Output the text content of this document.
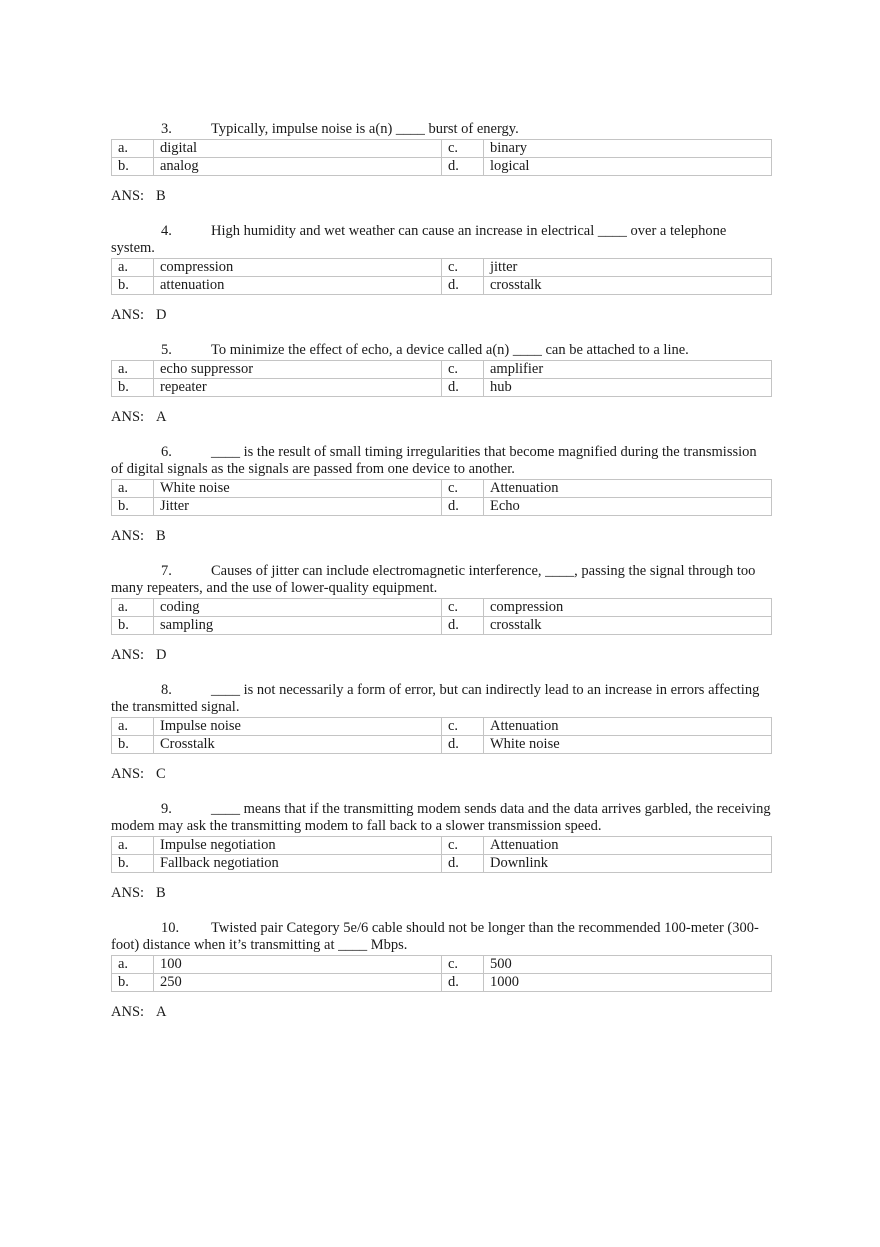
3.	Typically, impulse noise is a(n) ____ burst of energy.
a.	digital	c.	binary
b.	analog	d.	logical
ANS: B
4.	High humidity and wet weather can cause an increase in electrical ____ over a telephone system.
a.	compression	c.	jitter
b.	attenuation	d.	crosstalk
ANS: D
5.	To minimize the effect of echo, a device called a(n) ____ can be attached to a line.
a.	echo suppressor	c.	amplifier
b.	repeater	d.	hub
ANS: A
6.	____ is the result of small timing irregularities that become magnified during the transmission of digital signals as the signals are passed from one device to another.
a.	White noise	c.	Attenuation
b.	Jitter	d.	Echo
ANS: B
7.	Causes of jitter can include electromagnetic interference, ____, passing the signal through too many repeaters, and the use of lower-quality equipment.
a.	coding	c.	compression
b.	sampling	d.	crosstalk
ANS: D
8.	____ is not necessarily a form of error, but can indirectly lead to an increase in errors affecting the transmitted signal.
a.	Impulse noise	c.	Attenuation
b.	Crosstalk	d.	White noise
ANS: C
9.	____ means that if the transmitting modem sends data and the data arrives garbled, the receiving modem may ask the transmitting modem to fall back to a slower transmission speed.
a.	Impulse negotiation	c.	Attenuation
b.	Fallback negotiation	d.	Downlink
ANS: B
10. Twisted pair Category 5e/6 cable should not be longer than the recommended 100-meter (300-foot) distance when it’s transmitting at ____ Mbps.
a.	100	c.	500
b.	250	d.	1000
ANS: A
